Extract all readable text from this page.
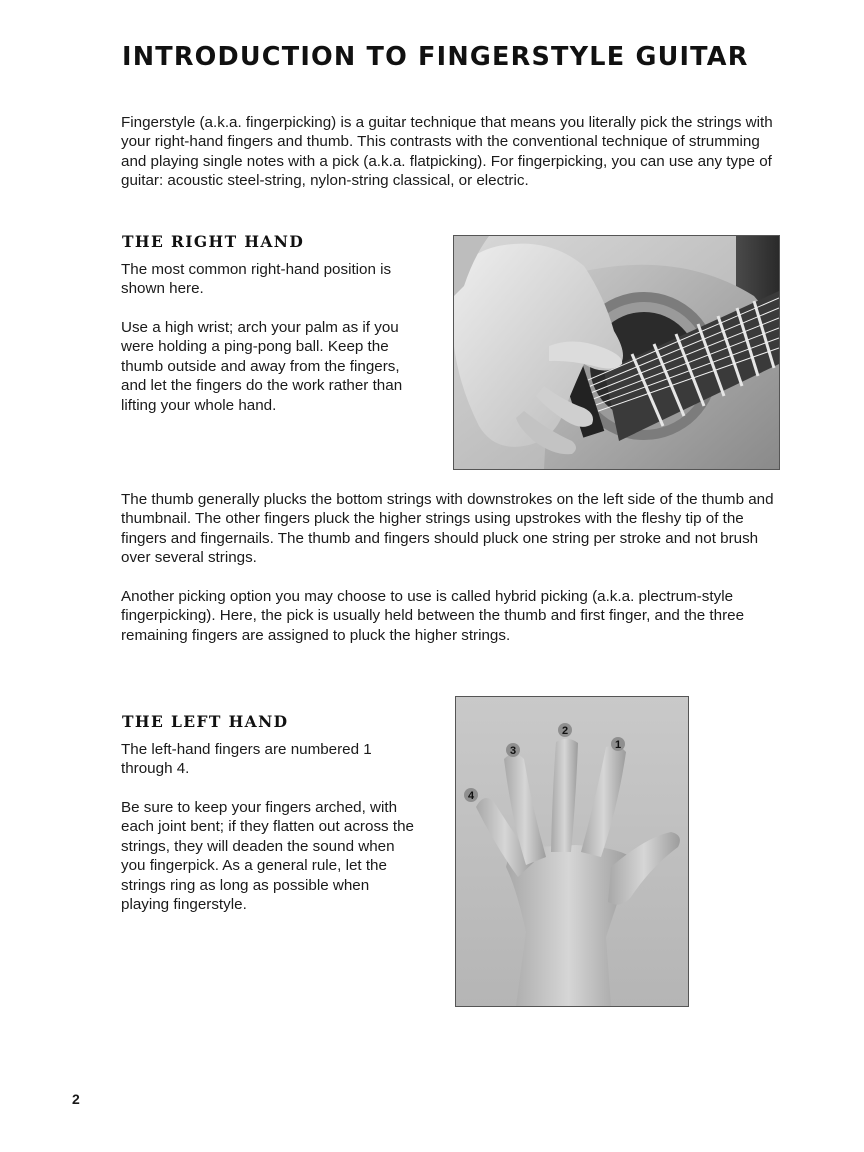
INTRODUCTION TO FINGERSTYLE GUITAR

Fingerstyle (a.k.a. fingerpicking) is a guitar technique that means you literally pick the strings with your right-hand fingers and thumb. This contrasts with the conventional technique of strumming and playing single notes with a pick (a.k.a. flatpicking). For fingerpicking, you can use any type of guitar: acoustic steel-string, nylon-string classical, or electric.

THE RIGHT HAND

The most common right-hand position is shown here.

Use a high wrist; arch your palm as if you were holding a ping-pong ball. Keep the thumb outside and away from the fingers, and let the fingers do the work rather than lifting your whole hand.

The thumb generally plucks the bottom strings with downstrokes on the left side of the thumb and thumbnail. The other fingers pluck the higher strings using upstrokes with the fleshy tip of the fingers and fingernails. The thumb and fingers should pluck one string per stroke and not brush over several strings.

Another picking option you may choose to use is called hybrid picking (a.k.a. plectrum-style fingerpicking). Here, the pick is usually held between the thumb and first finger, and the three remaining fingers are assigned to pluck the higher strings.

THE LEFT HAND

The left-hand fingers are numbered 1 through 4.

Be sure to keep your fingers arched, with each joint bent; if they flatten out across the strings, they will deaden the sound when you fingerpick. As a general rule, let the strings ring as long as possible when playing fingerstyle.

4
3
2
1

2
